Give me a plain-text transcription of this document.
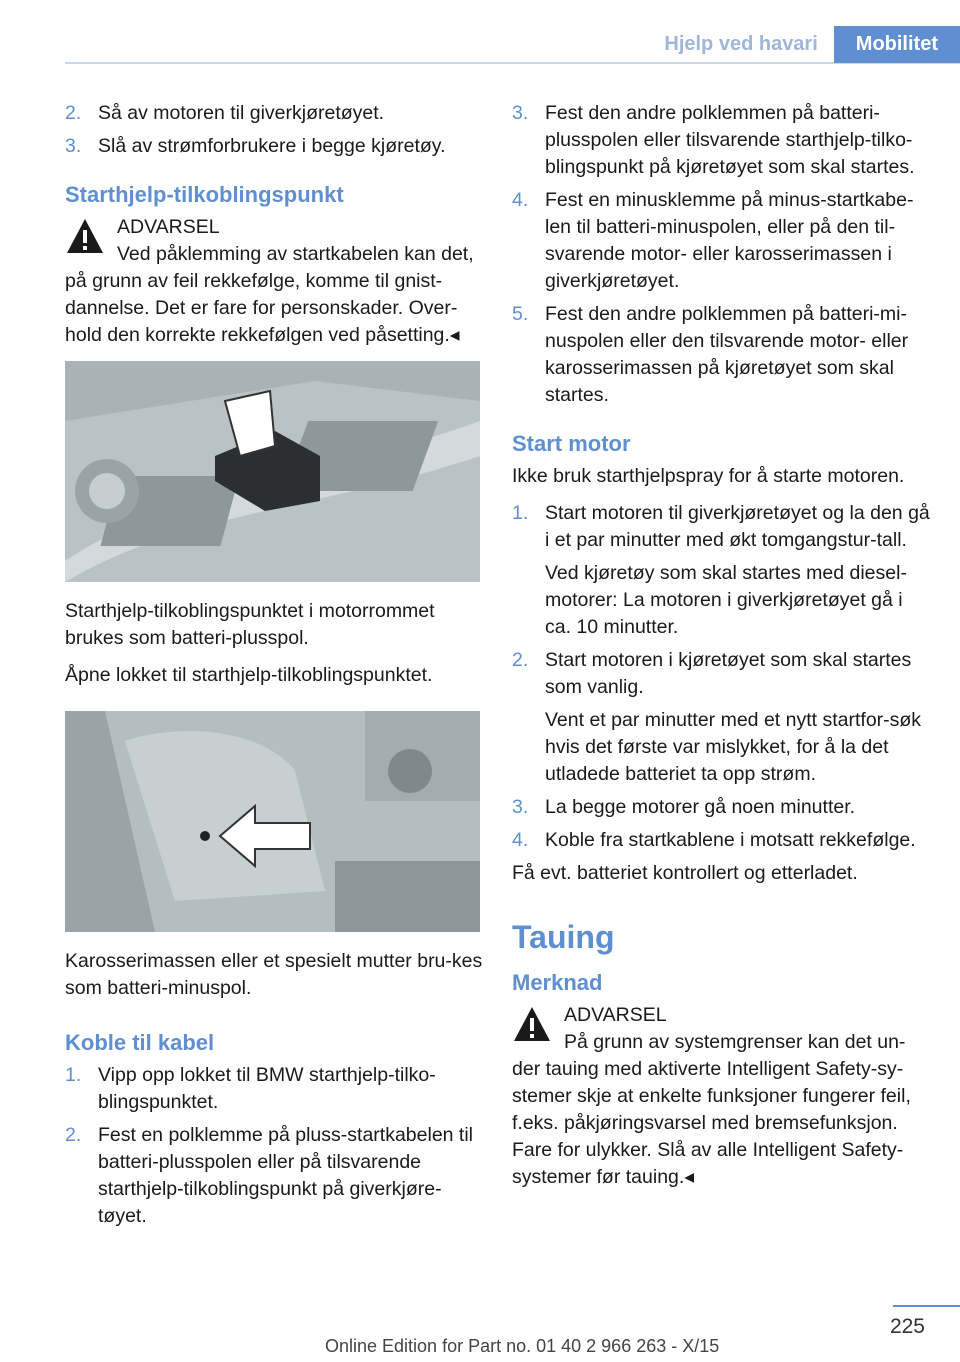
Hjelp ved havari	Mobilitet
2. Så av motoren til giverkjøretøyet.
3. Slå av strømforbrukere i begge kjøretøy.
Starthjelp-tilkoblingspunkt
ADVARSEL
Ved påklemming av startkabelen kan det, på grunn av feil rekkefølge, komme til gnist-dannelse. Det er fare for personskader. Over-hold den korrekte rekkefølgen ved påsetting.◂

Starthjelp-tilkoblingspunktet i motorrommet brukes som batteri-plusspol.

Åpne lokket til starthjelp-tilkoblingspunktet.

Karosserimassen eller et spesielt mutter bru-kes som batteri-minuspol.

Koble til kabel
1. Vipp opp lokket til BMW starthjelp-tilko-blingspunktet.
2. Fest en polklemme på pluss-startkabelen til batteri-plusspolen eller på tilsvarende starthjelp-tilkoblingspunkt på giverkjøre-tøyet.
3. Fest den andre polklemmen på batteri-plusspolen eller tilsvarende starthjelp-tilko-blingspunkt på kjøretøyet som skal startes.
4. Fest en minusklemme på minus-startkabe-len til batteri-minuspolen, eller på den til-svarende motor- eller karosserimassen i giverkjøretøyet.
5. Fest den andre polklemmen på batteri-mi-nuspolen eller den tilsvarende motor- eller karosserimassen på kjøretøyet som skal startes.
Start motor

Ikke bruk starthjelpspray for å starte motoren.

1. Start motoren til giverkjøretøyet og la den gå i et par minutter med økt tomgangstur-tall.
Ved kjøretøy som skal startes med diesel-motorer: La motoren i giverkjøretøyet gå i ca. 10 minutter.
2. Start motoren i kjøretøyet som skal startes som vanlig.
Vent et par minutter med et nytt startfor-søk hvis det første var mislykket, for å la det utladede batteriet ta opp strøm.
3. La begge motorer gå noen minutter.
4. Koble fra startkablene i motsatt rekkefølge.

Få evt. batteriet kontrollert og etterladet.

Tauing
Merknad
ADVARSEL
På grunn av systemgrenser kan det un-der tauing med aktiverte Intelligent Safety-sy-stemer skje at enkelte funksjoner fungerer feil, f.eks. påkjøringsvarsel med bremsefunksjon. Fare for ulykker. Slå av alle Intelligent Safety-systemer før tauing.◂
225
Online Edition for Part no. 01 40 2 966 263 - X/15
